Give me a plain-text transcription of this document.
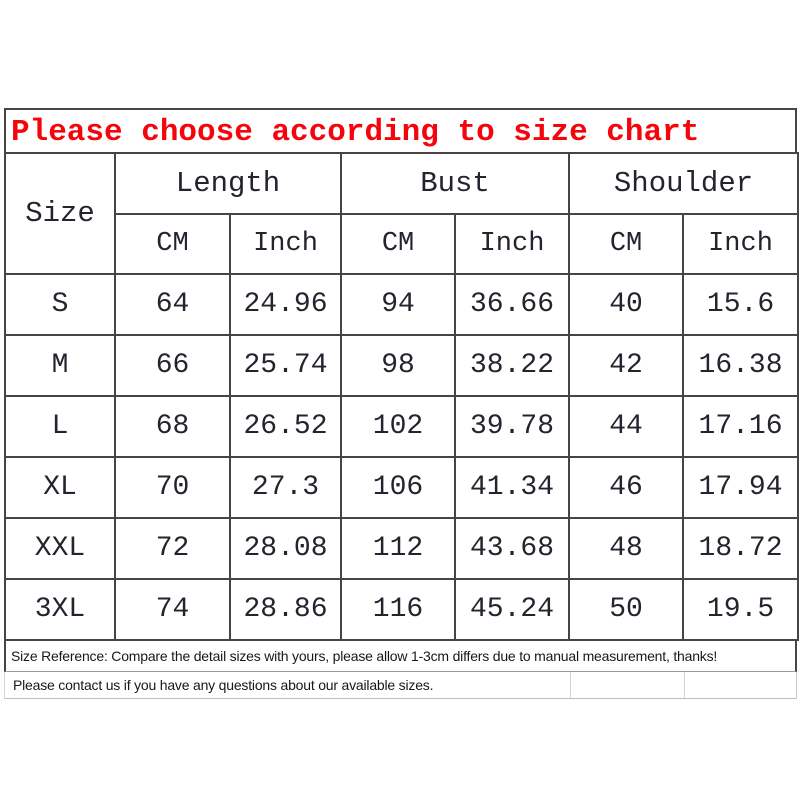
Please choose according to size chart
Size	Length		Bust		Shoulder	
	CM	Inch	CM	Inch	CM	Inch
S	64	24.96	94	36.66	40	15.6
M	66	25.74	98	38.22	42	16.38
L	68	26.52	102	39.78	44	17.16
XL	70	27.3	106	41.34	46	17.94
XXL	72	28.08	112	43.68	48	18.72
3XL	74	28.86	116	45.24	50	19.5
Size Reference: Compare the detail sizes with yours, please allow 1-3cm differs due to manual measurement, thanks!
Please contact us if you have any questions about our available sizes.
